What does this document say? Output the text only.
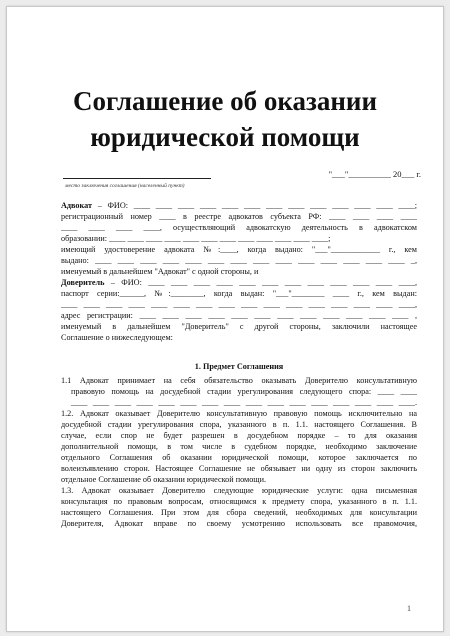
Соглашение об оказании
юридической помощи
"___"__________ 20___ г.
место заключения соглашения (населенный пункт)
Адвокат – ФИО: ____ ____ ____ ____ ____ ____ ____ ____ ____ ____ ____ ____ ____;
регистрационный номер ____ в реестре адвокатов субъекта РФ: ____ ____ ____ ____
____ ____ ____ ____, осуществляющий адвокатскую деятельность в адвокатском
образовании: ____ ____ ____ ____ ____ ____ ____ ____ ____ ____ ____ ____;
имеющий удостоверение адвоката №:____, когда выдано: "___"____________ г., кем
выдано: ____ ____ ____ ____ ____ ____ ____ ____ ____ ____ ____ ____ ____ ____ _,
именуемый в дальнейшем "Адвокат" с одной стороны, и
Доверитель – ФИО: ____ ____ ____ ____ ____ ____ ____ ____ ____ ____ ____ ____,
паспорт серии:______, №:________, когда выдан: "___"________ ____ г., кем выдан:
____ ____ ____ ____ ____ ____ ____ ____ ____ ____ ____ ____ ____ ____ ____ ____,
адрес регистрации: ____ ____ ____ ____ ____ ____ ____ ____ ____ ____ ____ ____ ,
именуемый в дальнейшем "Доверитель" с другой стороны, заключили настоящее
Соглашение о нижеследующем:
1. Предмет Соглашения
1.1 Адвокат принимает на себя обязательство оказывать Доверителю консультативную
правовую помощь на досудебной стадии урегулирования следующего спора: ____ ____
____ ____ ____ ____ ____ ____ ____ ____ ____ ____ ____ ____ ____ ____ ____ ____.
1.2. Адвокат оказывает Доверителю консультативную правовую помощь исключительно на
досудебной стадии урегулирования спора, указанного в п. 1.1. настоящего Соглашения. В
случае, если спор не будет разрешен в досудебном порядке – то для оказания
дополнительной помощи, в том числе в судебном порядке, необходимо заключение
отдельного Соглашения об оказании юридической помощи, которое заключается по
волеизъявлению сторон. Настоящее Соглашение не обязывает ни одну из сторон заключить
отдельное Соглашение об оказании юридической помощи.
1.3. Адвокат оказывает Доверителю следующие юридические услуги: одна письменная
консультация по правовым вопросам, относящимся к предмету спора, указанного в п. 1.1.
настоящего Соглашения. При этом для сбора сведений, необходимых для консультации
Доверителя, Адвокат вправе по своему усмотрению использовать все правомочия,
1
